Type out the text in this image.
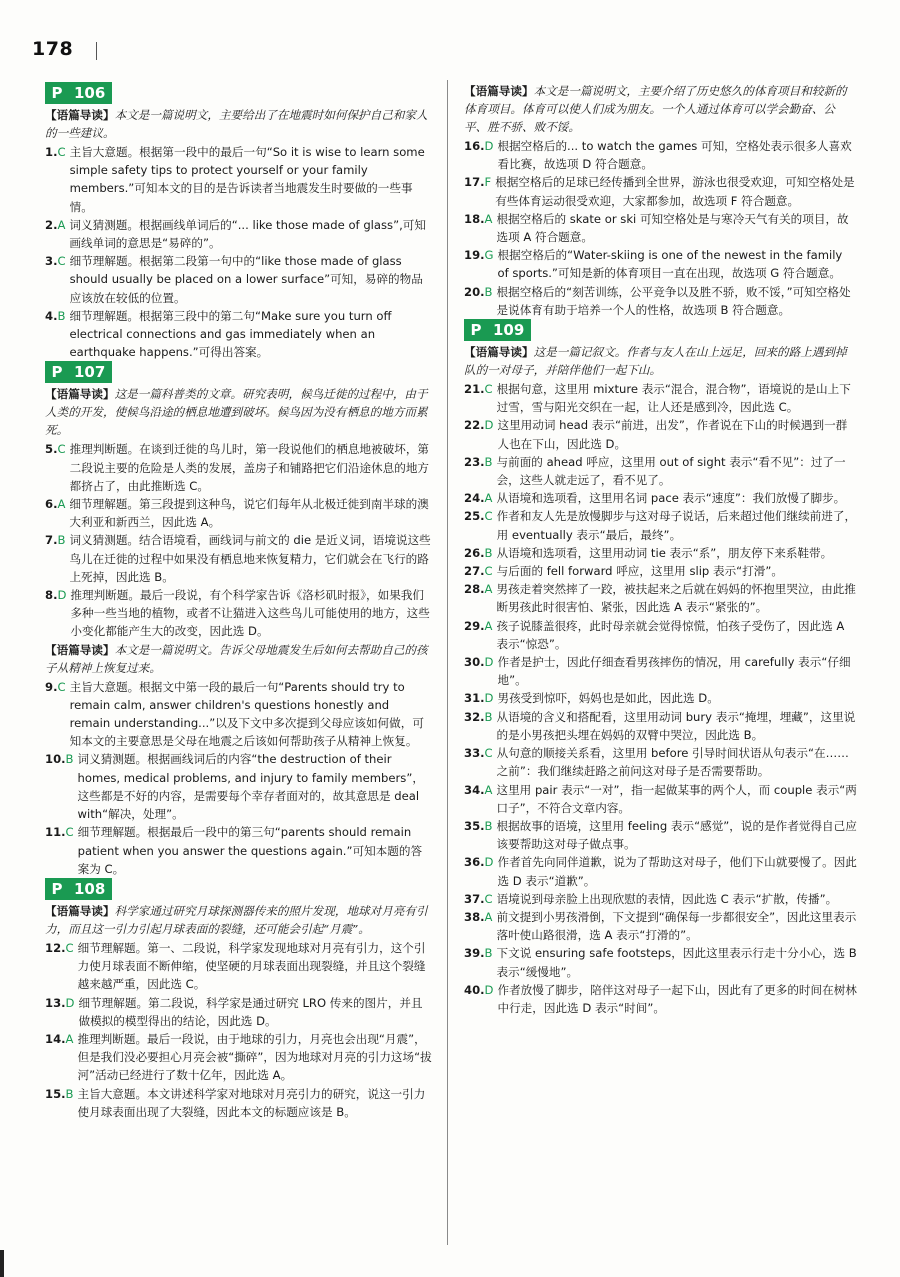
178
P 106
【语篇导读】本文是一篇说明文，主要给出了在地震时如何保护自己和家人的一些建议。
1.C 主旨大意题。根据第一段中的最后一句“So it is wise to learn some simple safety tips to protect yourself or your family members.”可知本文的目的是告诉读者当地震发生时要做的一些事情。
2.A 词义猜测题。根据画线单词后的“... like those made of glass”,可知画线单词的意思是“易碎的”。
3.C 细节理解题。根据第二段第一句中的“like those made of glass should usually be placed on a lower surface”可知，易碎的物品应该放在较低的位置。
4.B 细节理解题。根据第三段中的第二句“Make sure you turn off electrical connections and gas immediately when an earthquake happens.”可得出答案。
P 107
【语篇导读】这是一篇科普类的文章。研究表明，候鸟迁徙的过程中，由于人类的开发，使候鸟沿途的栖息地遭到破坏。候鸟因为没有栖息的地方而累死。
5.C 推理判断题。在谈到迁徙的鸟儿时，第一段说他们的栖息地被破坏，第二段说主要的危险是人类的发展，盖房子和铺路把它们沿途休息的地方都挤占了，由此推断选 C。
6.A 细节理解题。第三段提到这种鸟，说它们每年从北极迁徙到南半球的澳大利亚和新西兰，因此选 A。
7.B 词义猜测题。结合语境看，画线词与前文的 die 是近义词，语境说这些鸟儿在迁徙的过程中如果没有栖息地来恢复精力，它们就会在飞行的路上死掉，因此选 B。
8.D 推理判断题。最后一段说，有个科学家告诉《洛杉矶时报》，如果我们多种一些当地的植物，或者不让猫进入这些鸟儿可能使用的地方，这些小变化都能产生大的改变，因此选 D。
【语篇导读】本文是一篇说明文。告诉父母地震发生后如何去帮助自己的孩子从精神上恢复过来。
9.C 主旨大意题。根据文中第一段的最后一句“Parents should try to remain calm, answer children's questions honestly and remain understanding...”以及下文中多次提到父母应该如何做，可知本文的主要意思是父母在地震之后该如何帮助孩子从精神上恢复。
10.B 词义猜测题。根据画线词后的内容“the destruction of their homes, medical problems, and injury to family members”，这些都是不好的内容，是需要每个幸存者面对的，故其意思是 deal with“解决，处理”。
11.C 细节理解题。根据最后一段中的第三句“parents should remain patient when you answer the questions again.”可知本题的答案为 C。
P 108
【语篇导读】科学家通过研究月球探测器传来的照片发现，地球对月亮有引力，而且这一引力引起月球表面的裂缝，还可能会引起“月震”。
12.C 细节理解题。第一、二段说，科学家发现地球对月亮有引力，这个引力使月球表面不断伸缩，使坚硬的月球表面出现裂缝，并且这个裂缝越来越严重，因此选 C。
13.D 细节理解题。第二段说，科学家是通过研究 LRO 传来的图片，并且做模拟的模型得出的结论，因此选 D。
14.A 推理判断题。最后一段说，由于地球的引力，月亮也会出现“月震”，但是我们没必要担心月亮会被“撕碎”，因为地球对月亮的引力这场“拔河”活动已经进行了数十亿年，因此选 A。
15.B 主旨大意题。本文讲述科学家对地球对月亮引力的研究，说这一引力使月球表面出现了大裂缝，因此本文的标题应该是 B。
【语篇导读】本文是一篇说明文，主要介绍了历史悠久的体育项目和较新的体育项目。体育可以使人们成为朋友。一个人通过体育可以学会勤奋、公平、胜不骄、败不馁。
16.D 根据空格后的... to watch the games 可知，空格处表示很多人喜欢看比赛，故选项 D 符合题意。
17.F 根据空格后的足球已经传播到全世界，游泳也很受欢迎，可知空格处是有些体育运动很受欢迎，大家都参加，故选项 F 符合题意。
18.A 根据空格后的 skate or ski 可知空格处是与寒冷天气有关的项目，故选项 A 符合题意。
19.G 根据空格后的“Water-skiing is one of the newest in the family of sports.”可知是新的体育项目一直在出现，故选项 G 符合题意。
20.B 根据空格后的“刻苦训练，公平竞争以及胜不骄，败不馁，”可知空格处是说体育有助于培养一个人的性格，故选项 B 符合题意。
P 109
【语篇导读】这是一篇记叙文。作者与友人在山上远足，回来的路上遇到掉队的一对母子，并陪伴他们一起下山。
21.C 根据句意，这里用 mixture 表示“混合，混合物”，语境说的是山上下过雪，雪与阳光交织在一起，让人还是感到冷，因此选 C。
22.D 这里用动词 head 表示“前进，出发”，作者说在下山的时候遇到一群人也在下山，因此选 D。
23.B 与前面的 ahead 呼应，这里用 out of sight 表示“看不见”：过了一会，这些人就走远了，看不见了。
24.A 从语境和选项看，这里用名词 pace 表示“速度”：我们放慢了脚步。
25.C 作者和友人先是放慢脚步与这对母子说话，后来超过他们继续前进了，用 eventually 表示“最后，最终”。
26.B 从语境和选项看，这里用动词 tie 表示“系”，朋友停下来系鞋带。
27.C 与后面的 fell forward 呼应，这里用 slip 表示“打滑”。
28.A 男孩走着突然摔了一跤，被扶起来之后就在妈妈的怀抱里哭泣，由此推断男孩此时很害怕、紧张，因此选 A 表示“紧张的”。
29.A 孩子说膝盖很疼，此时母亲就会觉得惊慌，怕孩子受伤了，因此选 A 表示“惊恐”。
30.D 作者是护士，因此仔细查看男孩摔伤的情况，用 carefully 表示“仔细地”。
31.D 男孩受到惊吓，妈妈也是如此，因此选 D。
32.B 从语境的含义和搭配看，这里用动词 bury 表示“掩埋，埋藏”，这里说的是小男孩把头埋在妈妈的双臂中哭泣，因此选 B。
33.C 从句意的顺接关系看，这里用 before 引导时间状语从句表示“在……之前”：我们继续赶路之前问这对母子是否需要帮助。
34.A 这里用 pair 表示“一对”，指一起做某事的两个人，而 couple 表示“两口子”，不符合文章内容。
35.B 根据故事的语境，这里用 feeling 表示“感觉”，说的是作者觉得自己应该要帮助这对母子做点事。
36.D 作者首先向同伴道歉，说为了帮助这对母子，他们下山就要慢了。因此选 D 表示“道歉”。
37.C 语境说到母亲脸上出现欣慰的表情，因此选 C 表示“扩散，传播”。
38.A 前文提到小男孩滑倒，下文提到“确保每一步都很安全”，因此这里表示落叶使山路很滑，选 A 表示“打滑的”。
39.B 下文说 ensuring safe footsteps，因此这里表示行走十分小心，选 B 表示“缓慢地”。
40.D 作者放慢了脚步，陪伴这对母子一起下山，因此有了更多的时间在树林中行走，因此选 D 表示“时间”。
